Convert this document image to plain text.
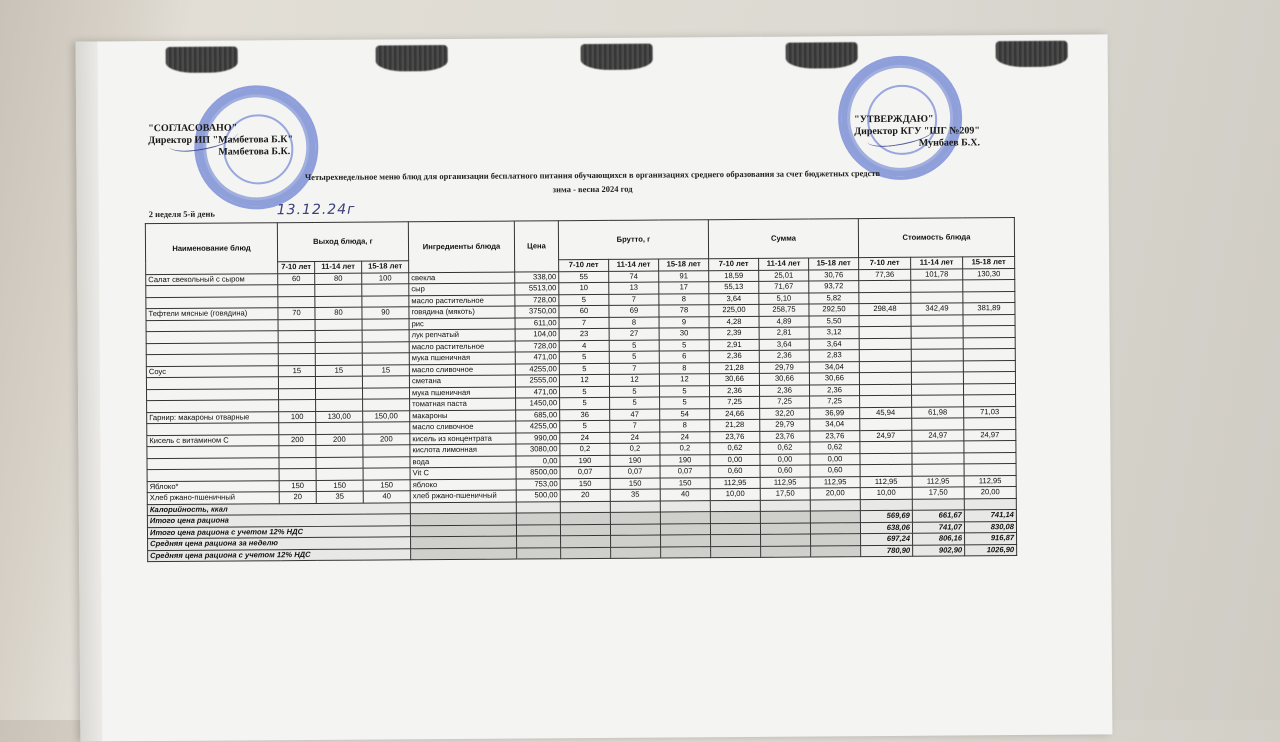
"СОГЛАСОВАНО"
Директор ИП "Мамбетова Б.К"
Мамбетова Б.К.
"УТВЕРЖДАЮ"
Директор КГУ "ШГ №209"
Мунбаев Б.Х.
Четырехнедельное меню блюд для организации бесплатного питания обучающихся в организациях среднего образования за счет бюджетных средств
зима - весна 2024 год
2 неделя 5-й день	13.12.24г
Наименование блюд	Выход блюда, г			Ингредиенты блюда	Цена	Брутто, г			Сумма			Стоимость блюда		
	7-10 лет	11-14 лет	15-18 лет			7-10 лет	11-14 лет	15-18 лет	7-10 лет	11-14 лет	15-18 лет	7-10 лет	11-14 лет	15-18 лет
Салат свекольный с сыром	60	80	100	свекла	338,00	55	74	91	18,59	25,01	30,76	77,36	101,78	130,30
				сыр	5513,00	10	13	17	55,13	71,67	93,72			
				масло растительное	728,00	5	7	8	3,64	5,10	5,82			
Тефтели мясные (говядина)	70	80	90	говядина (мякоть)	3750,00	60	69	78	225,00	258,75	292,50	298,48	342,49	381,89
				рис	611,00	7	8	9	4,28	4,89	5,50			
				лук репчатый	104,00	23	27	30	2,39	2,81	3,12			
				масло растительное	728,00	4	5	5	2,91	3,64	3,64			
				мука пшеничная	471,00	5	5	6	2,36	2,36	2,83			
Соус	15	15	15	масло сливочное	4255,00	5	7	8	21,28	29,79	34,04			
				сметана	2555,00	12	12	12	30,66	30,66	30,66			
				мука пшеничная	471,00	5	5	5	2,36	2,36	2,36			
				томатная паста	1450,00	5	5	5	7,25	7,25	7,25			
Гарнир: макароны отварные	100	130,00	150,00	макароны	685,00	36	47	54	24,66	32,20	36,99	45,94	61,98	71,03
				масло сливочное	4255,00	5	7	8	21,28	29,79	34,04			
Кисель с витамином С	200	200	200	кисель из концентрата	990,00	24	24	24	23,76	23,76	23,76	24,97	24,97	24,97
				кислота лимонная	3080,00	0,2	0,2	0,2	0,62	0,62	0,62			
				вода	0,00	190	190	190	0,00	0,00	0,00			
				Vit C	8500,00	0,07	0,07	0,07	0,60	0,60	0,60			
Яблоко*	150	150	150	яблоко	753,00	150	150	150	112,95	112,95	112,95	112,95	112,95	112,95
Хлеб ржано-пшеничный	20	35	40	хлеб ржано-пшеничный	500,00	20	35	40	10,00	17,50	20,00	10,00	17,50	20,00
Калорийность, ккал														
Итого цена рациона												569,69	661,67	741,14
Итого цена рациона с учетом 12% НДС												638,06	741,07	830,08
Средняя цена рациона за неделю												697,24	806,16	916,87
Средняя цена рациона с учетом 12% НДС												780,90	902,90	1026,90
